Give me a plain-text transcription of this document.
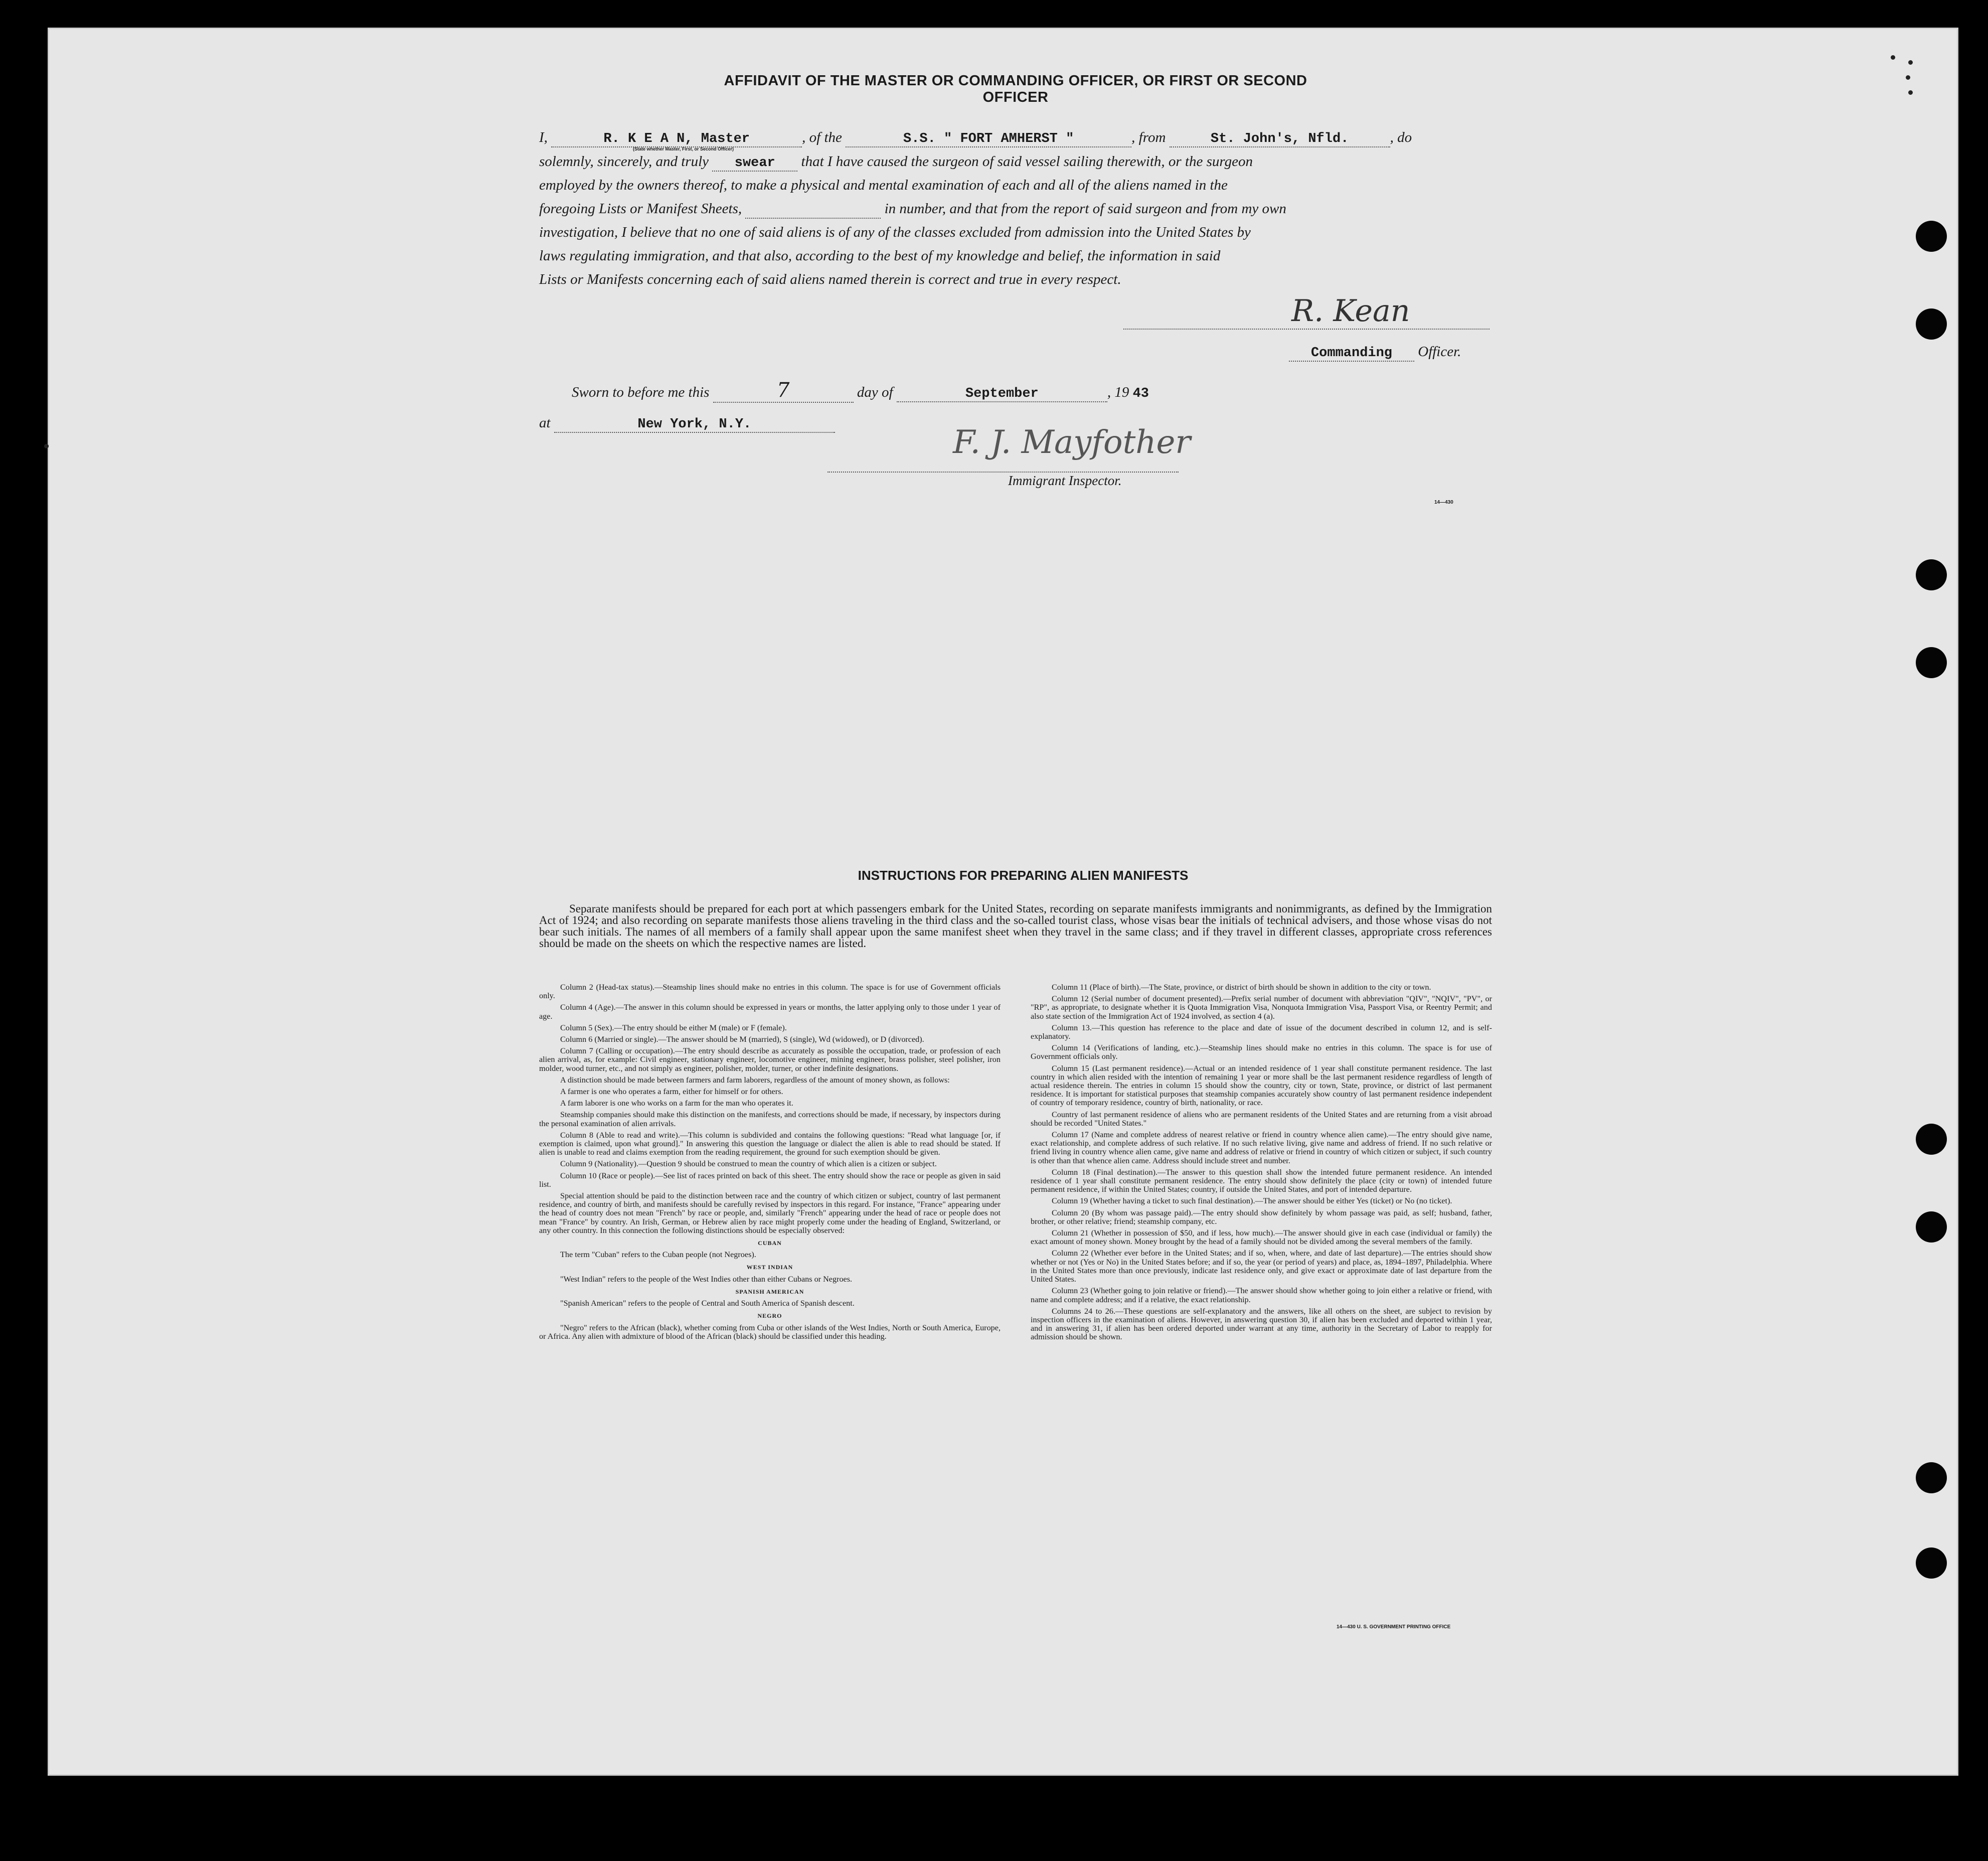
AFFIDAVIT OF THE MASTER OR COMMANDING OFFICER, OR FIRST OR SECOND OFFICER
I,	R. K E A N, Master	, of the	S.S. " FORT AMHERST "	, from	St. John's, Nfld.	, do
(State whether Master, First, or Second Officer)
solemnly, sincerely, and truly swear that I have caused the surgeon of said vessel sailing therewith, or the surgeon
employed by the owners thereof, to make a physical and mental examination of each and all of the aliens named in the
foregoing Lists or Manifest Sheets,	in number, and that from the report of said surgeon and from my own
investigation, I believe that no one of said aliens is of any of the classes excluded from admission into the United States by
laws regulating immigration, and that also, according to the best of my knowledge and belief, the information in said
Lists or Manifests concerning each of said aliens named therein is correct and true in every respect.
R. Kean
Commanding Officer.
Sworn to before me this	7	day of	September	, 19 43
at	New York, N.Y.	F. J. Mayfother
Immigrant Inspector.
14—430
INSTRUCTIONS FOR PREPARING ALIEN MANIFESTS

Separate manifests should be prepared for each port at which passengers embark for the United States, recording on separate manifests immigrants and nonimmigrants, as defined by the Immigration Act of 1924; and also recording on separate manifests those aliens traveling in the third class and the so-called tourist class, whose visas bear the initials of technical advisers, and those whose visas do not bear such initials. The names of all members of a family shall appear upon the same manifest sheet when they travel in the same class; and if they travel in different classes, appropriate cross references should be made on the sheets on which the respective names are listed.

Column 2 (Head-tax status).—Steamship lines should make no entries in this column. The space is for use of Government officials only.

Column 4 (Age).—The answer in this column should be expressed in years or months, the latter applying only to those under 1 year of age.

Column 5 (Sex).—The entry should be either M (male) or F (female).

Column 6 (Married or single).—The answer should be M (married), S (single), Wd (widowed), or D (divorced).

Column 7 (Calling or occupation).—The entry should describe as accurately as possible the occupation, trade, or profession of each alien arrival, as, for example: Civil engineer, stationary engineer, locomotive engineer, mining engineer, brass polisher, steel polisher, iron molder, wood turner, etc., and not simply as engineer, polisher, molder, turner, or other indefinite designations.

A distinction should be made between farmers and farm laborers, regardless of the amount of money shown, as follows:

A farmer is one who operates a farm, either for himself or for others.

A farm laborer is one who works on a farm for the man who operates it.

Steamship companies should make this distinction on the manifests, and corrections should be made, if necessary, by inspectors during the personal examination of alien arrivals.

Column 8 (Able to read and write).—This column is subdivided and contains the following questions: "Read what language [or, if exemption is claimed, upon what ground]." In answering this question the language or dialect the alien is able to read should be stated. If alien is unable to read and claims exemption from the reading requirement, the ground for such exemption should be given.

Column 9 (Nationality).—Question 9 should be construed to mean the country of which alien is a citizen or subject.

Column 10 (Race or people).—See list of races printed on back of this sheet. The entry should show the race or people as given in said list.

Special attention should be paid to the distinction between race and the country of which citizen or subject, country of last permanent residence, and country of birth, and manifests should be carefully revised by inspectors in this regard. For instance, "France" appearing under the head of country does not mean "French" by race or people, and, similarly "French" appearing under the head of race or people does not mean "France" by country. An Irish, German, or Hebrew alien by race might properly come under the heading of England, Switzerland, or any other country. In this connection the following distinctions should be especially observed:

CUBAN

The term "Cuban" refers to the Cuban people (not Negroes).

WEST INDIAN

"West Indian" refers to the people of the West Indies other than either Cubans or Negroes.

SPANISH AMERICAN

"Spanish American" refers to the people of Central and South America of Spanish descent.

NEGRO

"Negro" refers to the African (black), whether coming from Cuba or other islands of the West Indies, North or South America, Europe, or Africa. Any alien with admixture of blood of the African (black) should be classified under this heading.

Column 11 (Place of birth).—The State, province, or district of birth should be shown in addition to the city or town.

Column 12 (Serial number of document presented).—Prefix serial number of document with abbreviation "QIV", "NQIV", "PV", or "RP", as appropriate, to designate whether it is Quota Immigration Visa, Nonquota Immigration Visa, Passport Visa, or Reentry Permit; and also state section of the Immigration Act of 1924 involved, as section 4 (a).

Column 13.—This question has reference to the place and date of issue of the document described in column 12, and is self-explanatory.

Column 14 (Verifications of landing, etc.).—Steamship lines should make no entries in this column. The space is for use of Government officials only.

Column 15 (Last permanent residence).—Actual or an intended residence of 1 year shall constitute permanent residence. The last country in which alien resided with the intention of remaining 1 year or more shall be the last permanent residence regardless of length of actual residence therein. The entries in column 15 should show the country, city or town, State, province, or district of last permanent residence. It is important for statistical purposes that steamship companies accurately show country of last permanent residence independent of country of temporary residence, country of birth, nationality, or race.

Country of last permanent residence of aliens who are permanent residents of the United States and are returning from a visit abroad should be recorded "United States."

Column 17 (Name and complete address of nearest relative or friend in country whence alien came).—The entry should give name, exact relationship, and complete address of such relative. If no such relative living, give name and address of friend. If no such relative or friend living in country whence alien came, give name and address of relative or friend in country of which citizen or subject, if such country is other than that whence alien came. Address should include street and number.

Column 18 (Final destination).—The answer to this question shall show the intended future permanent residence. An intended residence of 1 year shall constitute permanent residence. The entry should show definitely the place (city or town) of intended future permanent residence, if within the United States; country, if outside the United States, and port of intended departure.

Column 19 (Whether having a ticket to such final destination).—The answer should be either Yes (ticket) or No (no ticket).

Column 20 (By whom was passage paid).—The entry should show definitely by whom passage was paid, as self; husband, father, brother, or other relative; friend; steamship company, etc.

Column 21 (Whether in possession of $50, and if less, how much).—The answer should give in each case (individual or family) the exact amount of money shown. Money brought by the head of a family should not be divided among the several members of the family.

Column 22 (Whether ever before in the United States; and if so, when, where, and date of last departure).—The entries should show whether or not (Yes or No) in the United States before; and if so, the year (or period of years) and place, as, 1894–1897, Philadelphia. Where in the United States more than once previously, indicate last residence only, and give exact or approximate date of last departure from the United States.

Column 23 (Whether going to join relative or friend).—The answer should show whether going to join either a relative or friend, with name and complete address; and if a relative, the exact relationship.

Columns 24 to 26.—These questions are self-explanatory and the answers, like all others on the sheet, are subject to revision by inspection officers in the examination of aliens. However, in answering question 30, if alien has been excluded and deported within 1 year, and in answering 31, if alien has been ordered deported under warrant at any time, authority in the Secretary of Labor to reapply for admission should be shown.

14—430 U. S. GOVERNMENT PRINTING OFFICE
